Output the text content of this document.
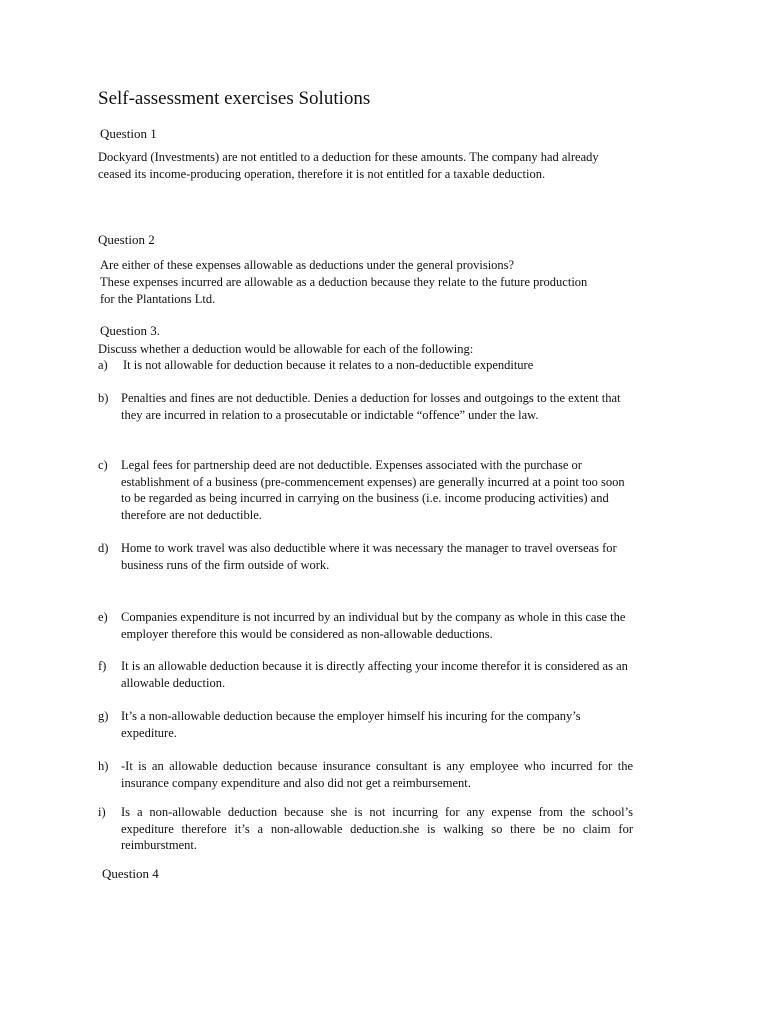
Self-assessment exercises Solutions
Question 1

Dockyard (Investments) are not entitled to a deduction for these amounts. The company had already ceased its income-producing operation, therefore it is not entitled for a taxable deduction.

Question 2

Are either of these expenses allowable as deductions under the general provisions?

These expenses incurred are allowable as a deduction because they relate to the future production for the Plantations Ltd.

Question 3.

Discuss whether a deduction would be allowable for each of the following:

a) It is not allowable for deduction because it relates to a non-deductible expenditure
b) Penalties and fines are not deductible. Denies a deduction for losses and outgoings to the extent that they are incurred in relation to a prosecutable or indictable “offence” under the law.
c) Legal fees for partnership deed are not deductible. Expenses associated with the purchase or establishment of a business (pre-commencement expenses) are generally incurred at a point too soon to be regarded as being incurred in carrying on the business (i.e. income producing activities) and therefore are not deductible.
d) Home to work travel was also deductible where it was necessary the manager to travel overseas for business runs of the firm outside of work.
e) Companies expenditure is not incurred by an individual but by the company as whole in this case the employer therefore this would be considered as non-allowable deductions.
f) It is an allowable deduction because it is directly affecting your income therefor it is considered as an allowable deduction.
g) It’s a non-allowable deduction because the employer himself his incuring for the company’s expediture.
h) -It is an allowable deduction because insurance consultant is any employee who incurred for the insurance company expenditure and also did not get a reimbursement.
i) Is a non-allowable deduction because she is not incurring for any expense from the school’s expediture therefore it’s a non-allowable deduction.she is walking so there be no claim for reimburstment.
Question 4
